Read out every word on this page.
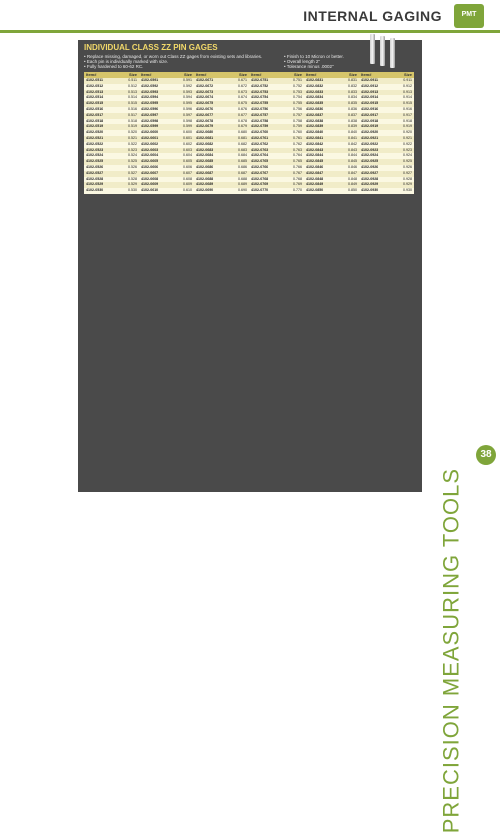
INTERNAL GAGING	PMT
INDIVIDUAL CLASS ZZ PIN GAGES
• Replace missing, damaged, or worn out Class ZZ gages from existing sets and libraries.
• Each pin is individually marked with size.
• Fully hardened to 60-62 RC.
• Finish to 10 Micron or better.
• Overall length 2"
• Tolerance minus .0002"
Item#	Size
4102-0511	0.511
4102-0512	0.512
4102-0513	0.513
4102-0514	0.514
4102-0515	0.515
4102-0516	0.516
4102-0517	0.517
4102-0518	0.518
4102-0519	0.519
4102-0520	0.520
4102-0521	0.521
4102-0522	0.522
4102-0523	0.523
4102-0524	0.524
4102-0525	0.525
4102-0526	0.526
4102-0527	0.527
4102-0528	0.528
4102-0529	0.529
4102-0530	0.530
Item#	Size
4102-0591	0.591
4102-0592	0.592
4102-0593	0.593
4102-0594	0.594
4102-0595	0.595
4102-0596	0.596
4102-0597	0.597
4102-0598	0.598
4102-0599	0.599
4102-0600	0.600
4102-0601	0.601
4102-0602	0.602
4102-0603	0.603
4102-0604	0.604
4102-0605	0.605
4102-0606	0.606
4102-0607	0.607
4102-0608	0.608
4102-0609	0.609
4102-0610	0.610
Item#	Size
4102-0671	0.671
4102-0672	0.672
4102-0673	0.673
4102-0674	0.674
4102-0675	0.675
4102-0676	0.676
4102-0677	0.677
4102-0678	0.678
4102-0679	0.679
4102-0680	0.680
4102-0681	0.681
4102-0682	0.682
4102-0683	0.683
4102-0684	0.684
4102-0685	0.685
4102-0686	0.686
4102-0687	0.687
4102-0688	0.688
4102-0689	0.689
4102-0690	0.690
Item#	Size
4102-0751	0.751
4102-0752	0.752
4102-0753	0.753
4102-0754	0.754
4102-0755	0.755
4102-0756	0.756
4102-0757	0.757
4102-0758	0.758
4102-0759	0.759
4102-0760	0.760
4102-0761	0.761
4102-0762	0.762
4102-0763	0.763
4102-0764	0.764
4102-0765	0.765
4102-0766	0.766
4102-0767	0.767
4102-0768	0.768
4102-0769	0.769
4102-0770	0.770
Item#	Size
4102-0831	0.831
4102-0832	0.832
4102-0833	0.833
4102-0834	0.834
4102-0835	0.835
4102-0836	0.836
4102-0837	0.837
4102-0838	0.838
4102-0839	0.839
4102-0840	0.840
4102-0841	0.841
4102-0842	0.842
4102-0843	0.843
4102-0844	0.844
4102-0845	0.845
4102-0846	0.846
4102-0847	0.847
4102-0848	0.848
4102-0849	0.849
4102-0850	0.850
Item#	Size
4102-0911	0.911
4102-0912	0.912
4102-0913	0.913
4102-0914	0.914
4102-0915	0.915
4102-0916	0.916
4102-0917	0.917
4102-0918	0.918
4102-0919	0.919
4102-0920	0.920
4102-0921	0.921
4102-0922	0.922
4102-0923	0.923
4102-0924	0.924
4102-0925	0.925
4102-0926	0.926
4102-0927	0.927
4102-0928	0.928
4102-0929	0.929
4102-0930	0.930
PRECISION MEASURING TOOLS
38
